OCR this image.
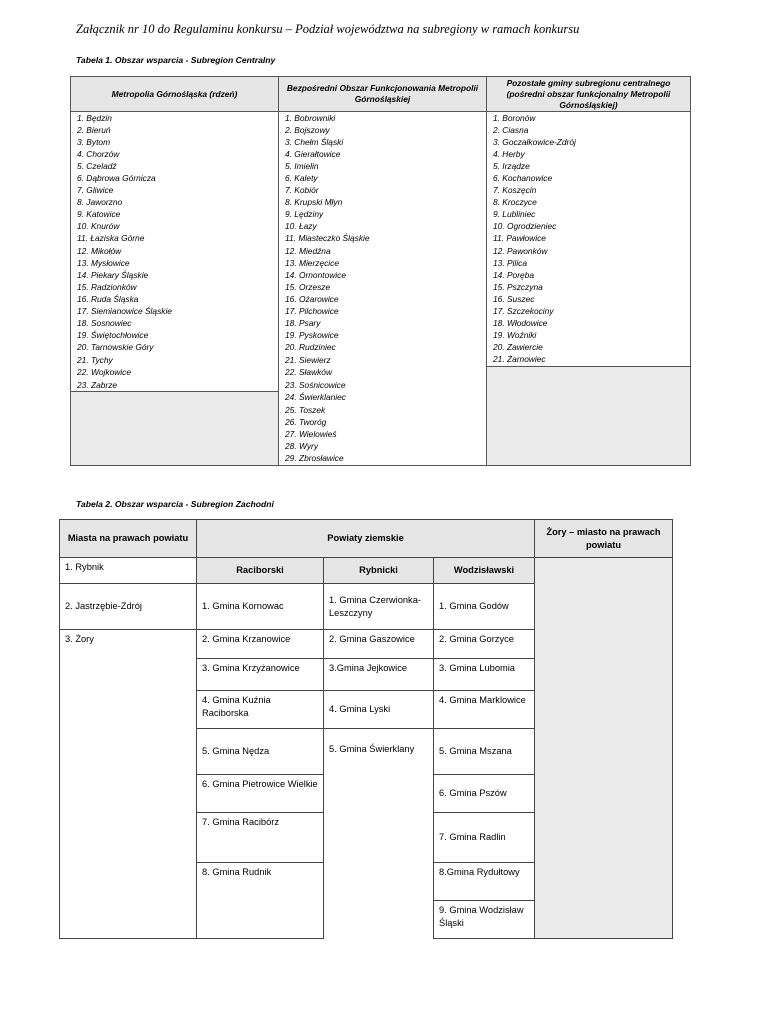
Załącznik nr 10 do Regulaminu konkursu – Podział województwa na subregiony w ramach konkursu
Tabela 1. Obszar wsparcia - Subregion Centralny
Metropolia Górnośląska (rdzeń)	Bezpośredni Obszar Funkcjonowania Metropolii Górnośląskiej	Pozostałe gminy subregionu centralnego (pośredni obszar funkcjonalny Metropolii Górnośląskiej)
1. Będzin	1. Bobrowniki	1. Boronów
2. Bieruń	2. Bojszowy	2. Ciasna
3. Bytom	3. Chełm Śląski	3. Goczałkowice-Zdrój
4. Chorzów	4. Gierałtowice	4. Herby
5. Czeladź	5. Imielin	5. Irządze
6. Dąbrowa Górnicza	6. Kalety	6. Kochanowice
7. Gliwice	7. Kobiór	7. Koszęcin
8. Jaworzno	8. Krupski Młyn	8. Kroczyce
9. Katowice	9. Lędziny	9. Lubliniec
10. Knurów	10. Łazy	10. Ogrodzieniec
11. Łaziska Górne	11. Miasteczko Śląskie	11. Pawłowice
12. Mikołów	12. Miedźna	12. Pawonków
13. Mysłowice	13. Mierzęcice	13. Pilica
14. Piekary Śląskie	14. Ornontowice	14. Poręba
15. Radzionków	15. Orzesze	15. Pszczyna
16. Ruda Śląska	16. Ożarowice	16. Suszec
17. Siemianowice Śląskie	17. Pilchowice	17. Szczekociny
18. Sosnowiec	18. Psary	18. Włodowice
19. Świętochłowice	19. Pyskowice	19. Woźniki
20. Tarnowskie Góry	20. Rudziniec	20. Zawiercie
21. Tychy	21. Siewierz	21. Żarnowiec
22. Wojkowice	22. Sławków	
23. Zabrze	23. Sośnicowice	
	24. Świerklaniec	
	25. Toszek	
	26. Tworóg	
	27. Wielowieś	
	28. Wyry	
	29. Zbrosławice	
Tabela 2. Obszar wsparcia - Subregion Zachodni
Miasta na prawach powiatu	Powiaty ziemskie			Żory – miasto na prawach powiatu
1. Rybnik	Raciborski	Rybnicki	Wodzisławski	
2. Jastrzębie-Zdrój	1. Gmina Kornowac	1. Gmina Czerwionka-Leszczyny	1. Gmina Godów	
3. Żory	2. Gmina Krzanowice	2. Gmina Gaszowice	2. Gmina Gorzyce	
	3. Gmina Krzyżanowice	3.Gmina Jejkowice	3. Gmina Lubomia	
	4. Gmina Kuźnia Raciborska	4. Gmina Lyski	4. Gmina Marklowice	
	5. Gmina Nędza	5. Gmina Świerklany	5. Gmina Mszana	
	6. Gmina Pietrowice Wielkie		6. Gmina Pszów	
	7. Gmina Racibórz		7. Gmina Radlin	
	8. Gmina Rudnik		8.Gmina Rydułtowy	
			9. Gmina Wodzisław Śląski	
